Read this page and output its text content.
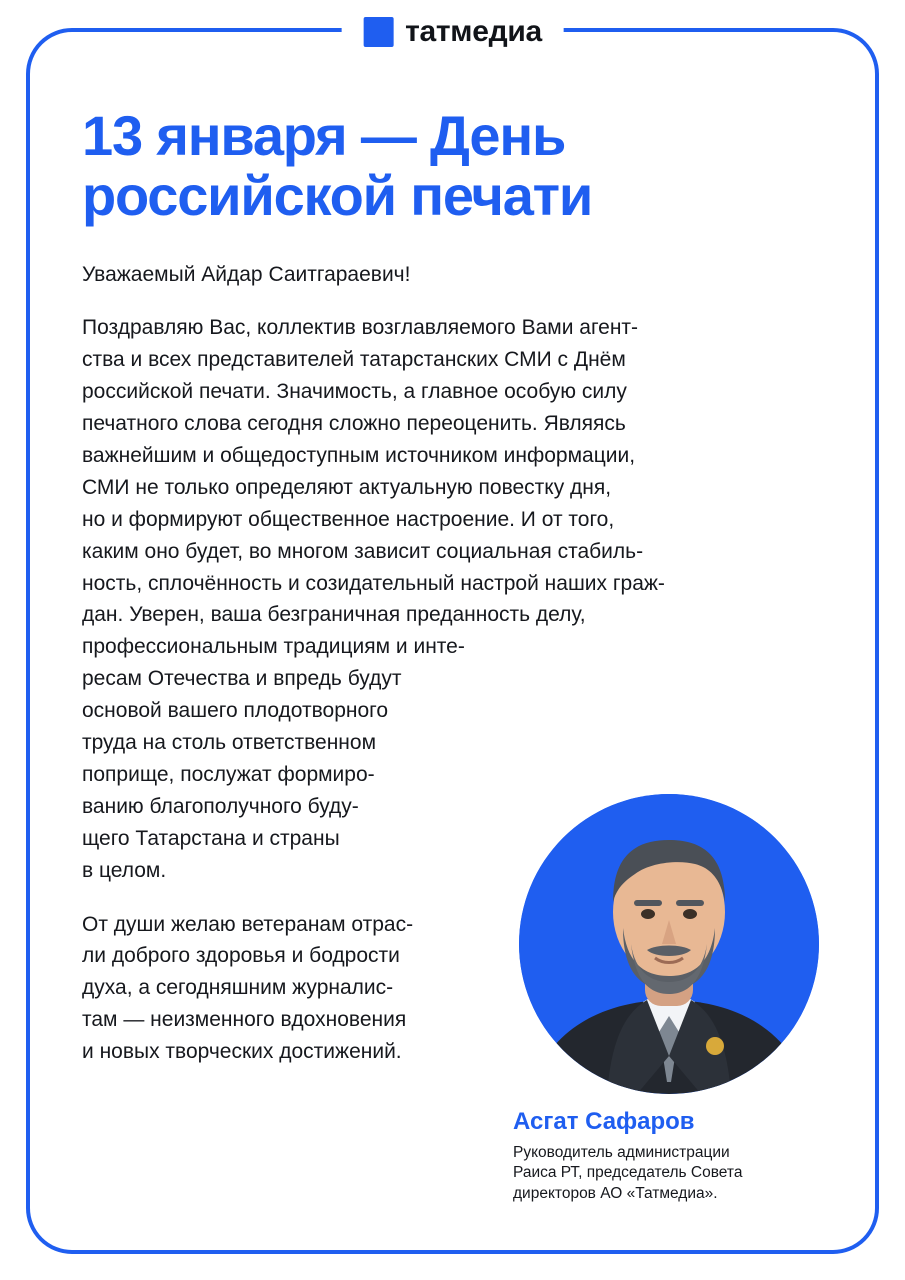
татмедиа
13 января — День российской печати

Уважаемый Айдар Саитгараевич!

Асгат Сафаров
Руководитель администрации
Раиса РТ, председатель Совета
директоров АО «Татмедиа».

Поздравляю Вас, коллектив возглавляемого Вами агент-
ства и всех представителей татарстанских СМИ с Днём
российской печати. Значимость, а главное особую силу
печатного слова сегодня сложно переоценить. Являясь
важнейшим и общедоступным источником информации,
СМИ не только определяют актуальную повестку дня,
но и формируют общественное настроение. И от того,
каким оно будет, во многом зависит социальная стабиль-
ность, сплочённость и созидательный настрой наших граж-
дан. Уверен, ваша безграничная преданность делу,
профессиональным традициям и инте-
ресам Отечества и впредь будут
основой вашего плодотворного
труда на столь ответственном
поприще, послужат формиро-
ванию благополучного буду-
щего Татарстана и страны
в целом.

От души желаю ветеранам отрас-
ли доброго здоровья и бодрости
духа, а сегодняшним журналис-
там — неизменного вдохновения
и новых творческих достижений.
